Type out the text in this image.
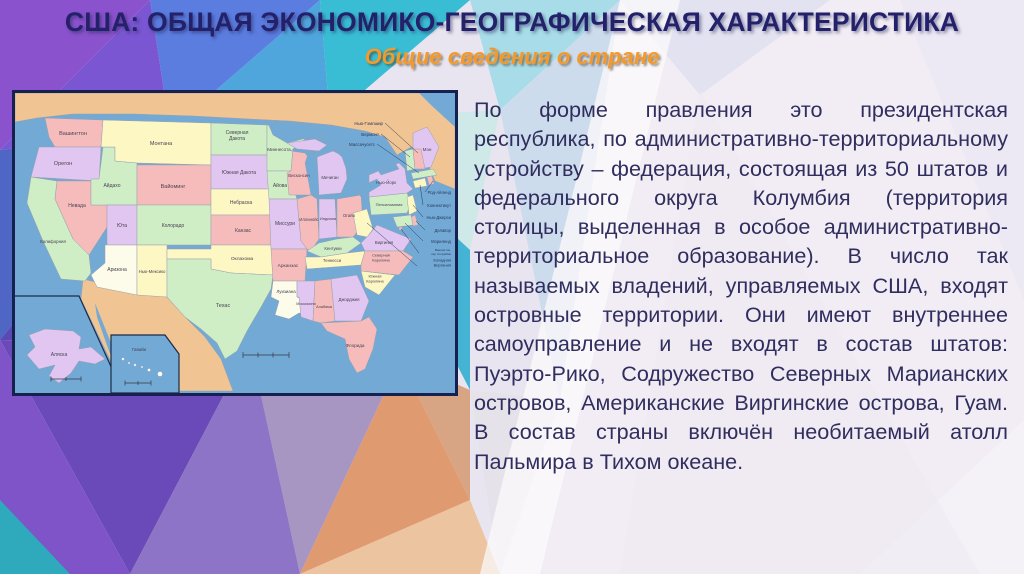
США: ОБЩАЯ ЭКОНОМИКО-ГЕОГРАФИЧЕСКАЯ ХАРАКТЕРИСТИКА
Общие сведения о стране
Вашингтон
Орегон
Калифорния
Невада
Айдахо
Монтана
Вайоминг
Юта
Аризона
Колорадо
Нью-Мексико
Северная Дакота
Южная Дакота
Небраска
Канзас
Оклахома
Техас
Миннесота
Айова
Миссури
Арканзас
Луизиана
Висконсин	Мичиган
Иллинойс Индиана
Огайо
Кентукки
Теннесси
Миссисипи
Алабама
Джорджия
Флорида
Виргиния
Западная Виргиния
Северная Каролина
Южная Каролина
Пенсильвания
Нью-Йорк
Мэн
Вермонт
Нью-Гэмпшир
Массачусетс
Род-Айленд
Коннектикут
Нью-Джерси
Делавэр
Мэриленд
Вашингтон, окр. Колумбия
Аляска
Гавайи
По форме правления это президентская республика, по административно-территориальному устройству – федерация, состоящая из 50 штатов и федерального округа Колумбия (территория столицы, выделенная в особое административно-территориальное образование). В число так называемых владений, управляемых США, входят островные территории. Они имеют внутреннее самоуправление и не входят в состав штатов: Пуэрто-Рико, Содружество Северных Марианских островов, Американские Виргинские острова, Гуам. В состав страны включён необитаемый атолл Пальмира в Тихом океане.
